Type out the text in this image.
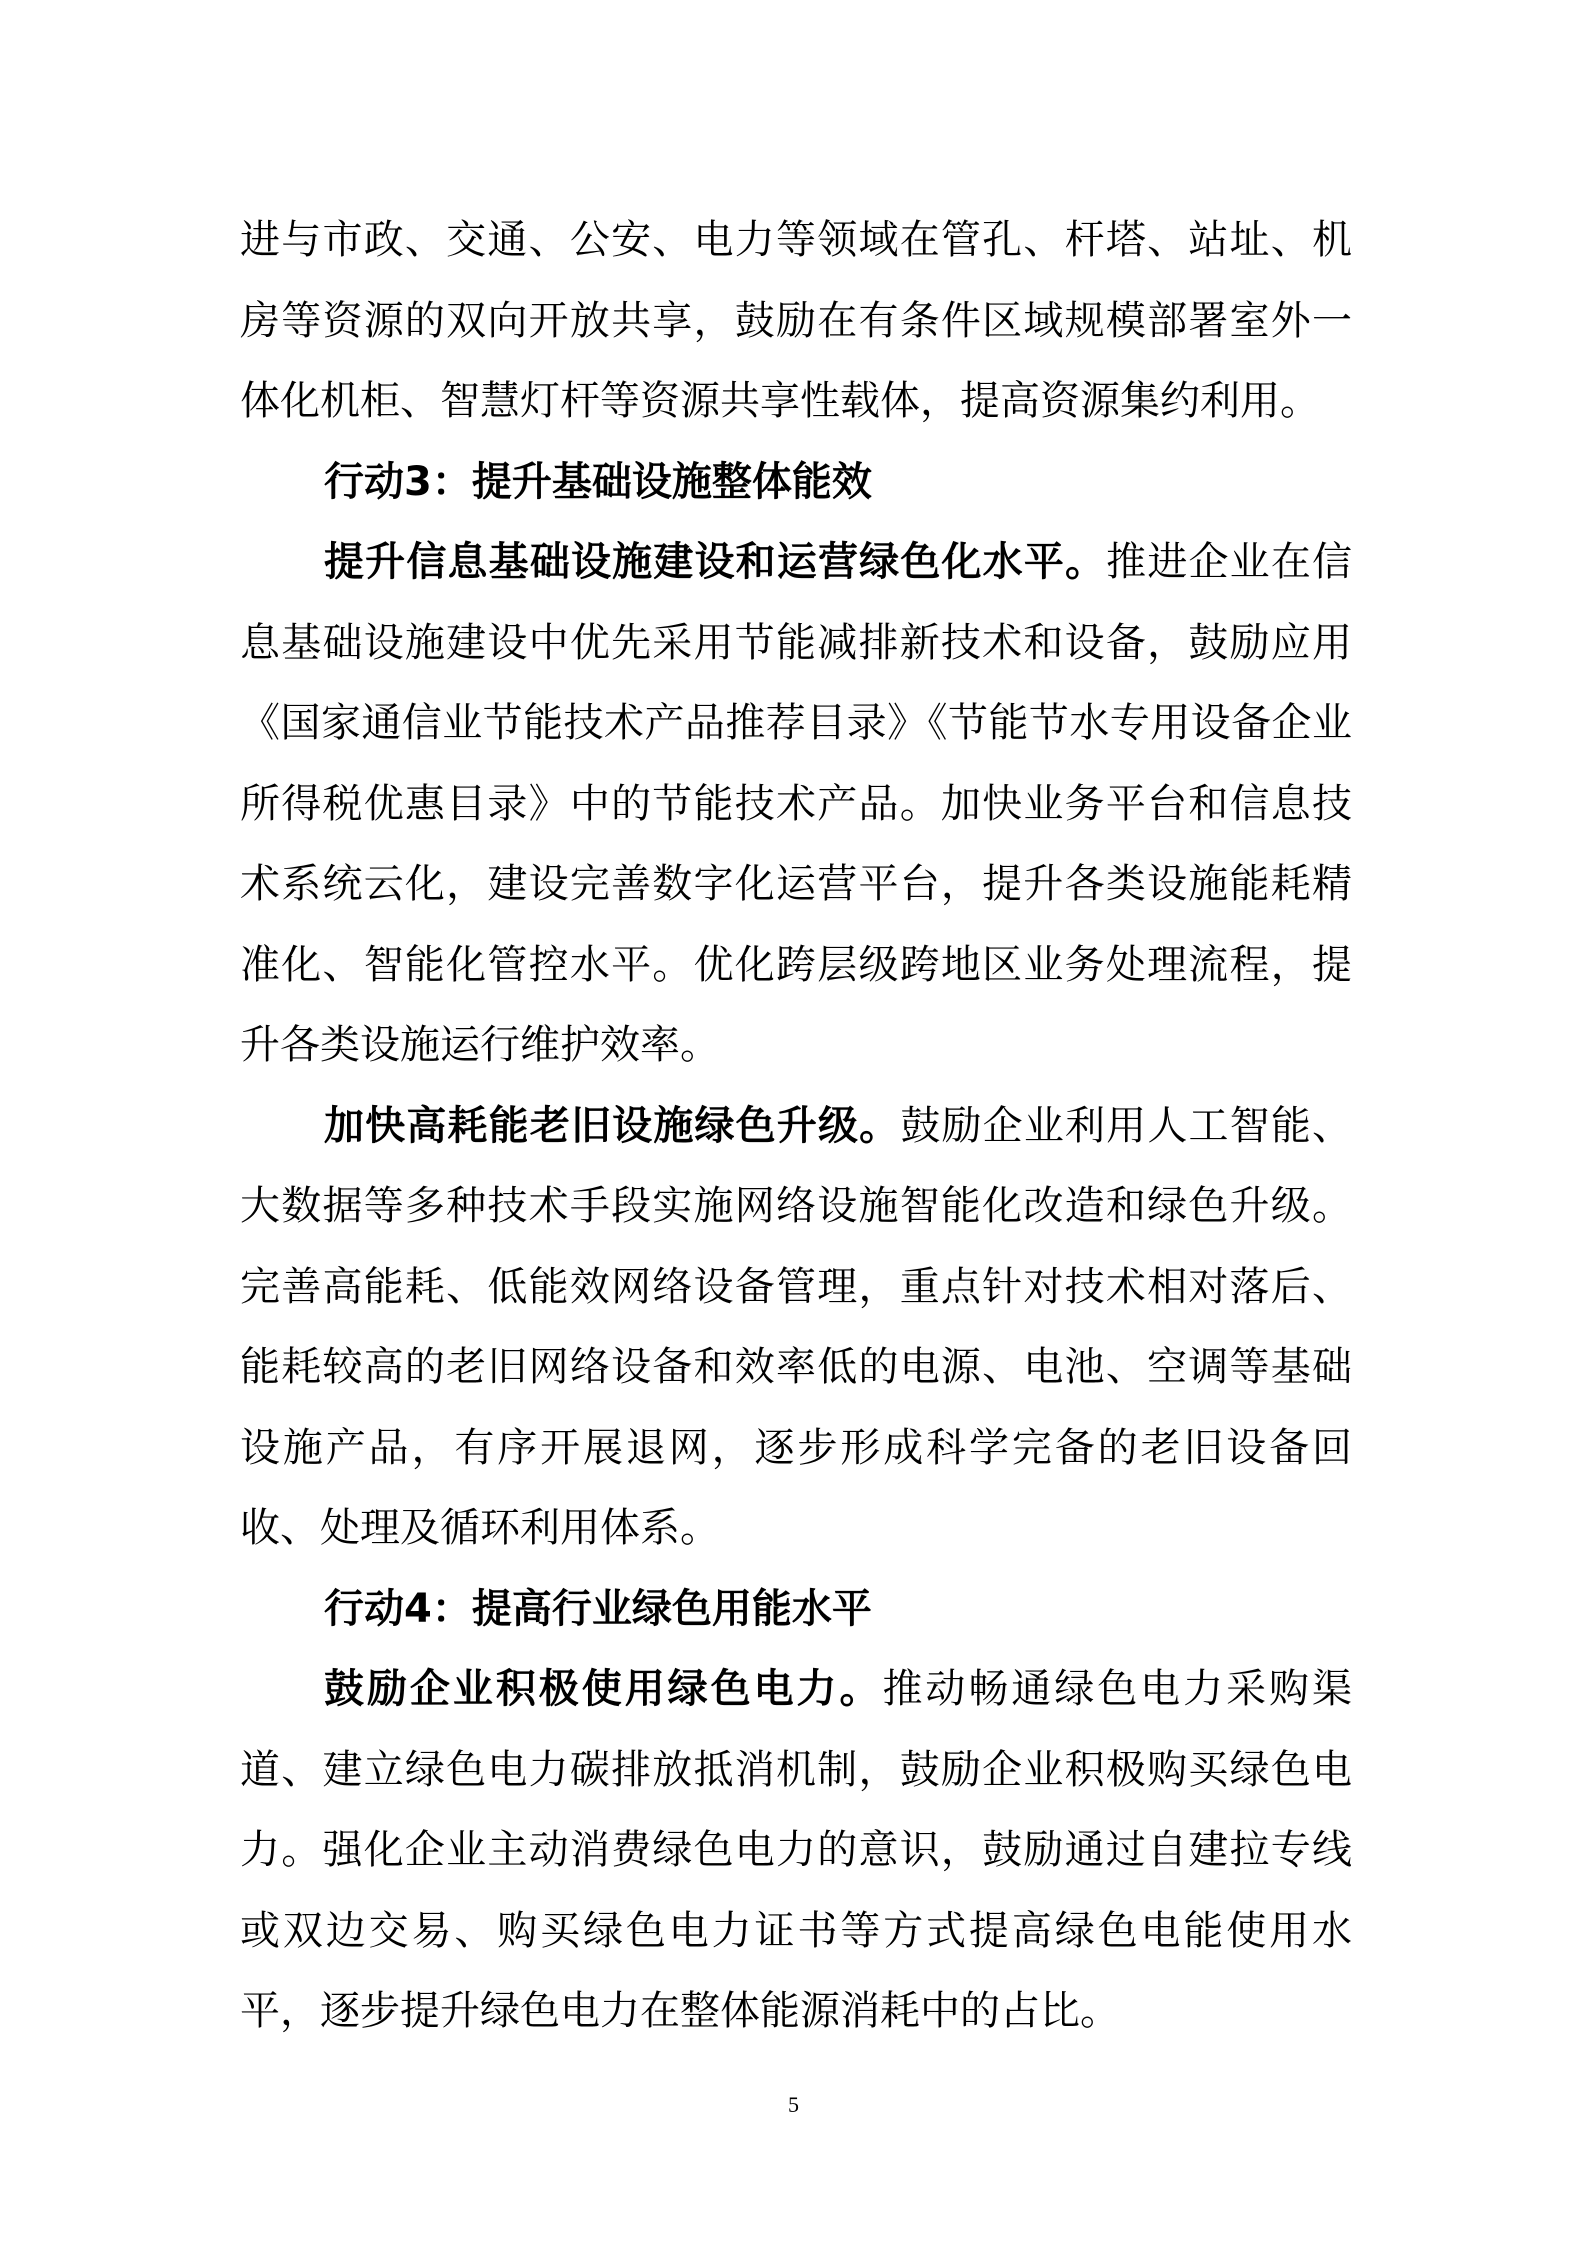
进与市政、交通、公安、电力等领域在管孔、杆塔、站址、机房等资源的双向开放共享，鼓励在有条件区域规模部署室外一体化机柜、智慧灯杆等资源共享性载体，提高资源集约利用。

行动3：提升基础设施整体能效

提升信息基础设施建设和运营绿色化水平。推进企业在信息基础设施建设中优先采用节能减排新技术和设备，鼓励应用《国家通信业节能技术产品推荐目录》《节能节水专用设备企业所得税优惠目录》中的节能技术产品。加快业务平台和信息技术系统云化，建设完善数字化运营平台，提升各类设施能耗精准化、智能化管控水平。优化跨层级跨地区业务处理流程，提升各类设施运行维护效率。

加快高耗能老旧设施绿色升级。鼓励企业利用人工智能、大数据等多种技术手段实施网络设施智能化改造和绿色升级。完善高能耗、低能效网络设备管理，重点针对技术相对落后、能耗较高的老旧网络设备和效率低的电源、电池、空调等基础设施产品，有序开展退网，逐步形成科学完备的老旧设备回收、处理及循环利用体系。

行动4：提高行业绿色用能水平

鼓励企业积极使用绿色电力。推动畅通绿色电力采购渠道、建立绿色电力碳排放抵消机制，鼓励企业积极购买绿色电力。强化企业主动消费绿色电力的意识，鼓励通过自建拉专线或双边交易、购买绿色电力证书等方式提高绿色电能使用水平，逐步提升绿色电力在整体能源消耗中的占比。

5
